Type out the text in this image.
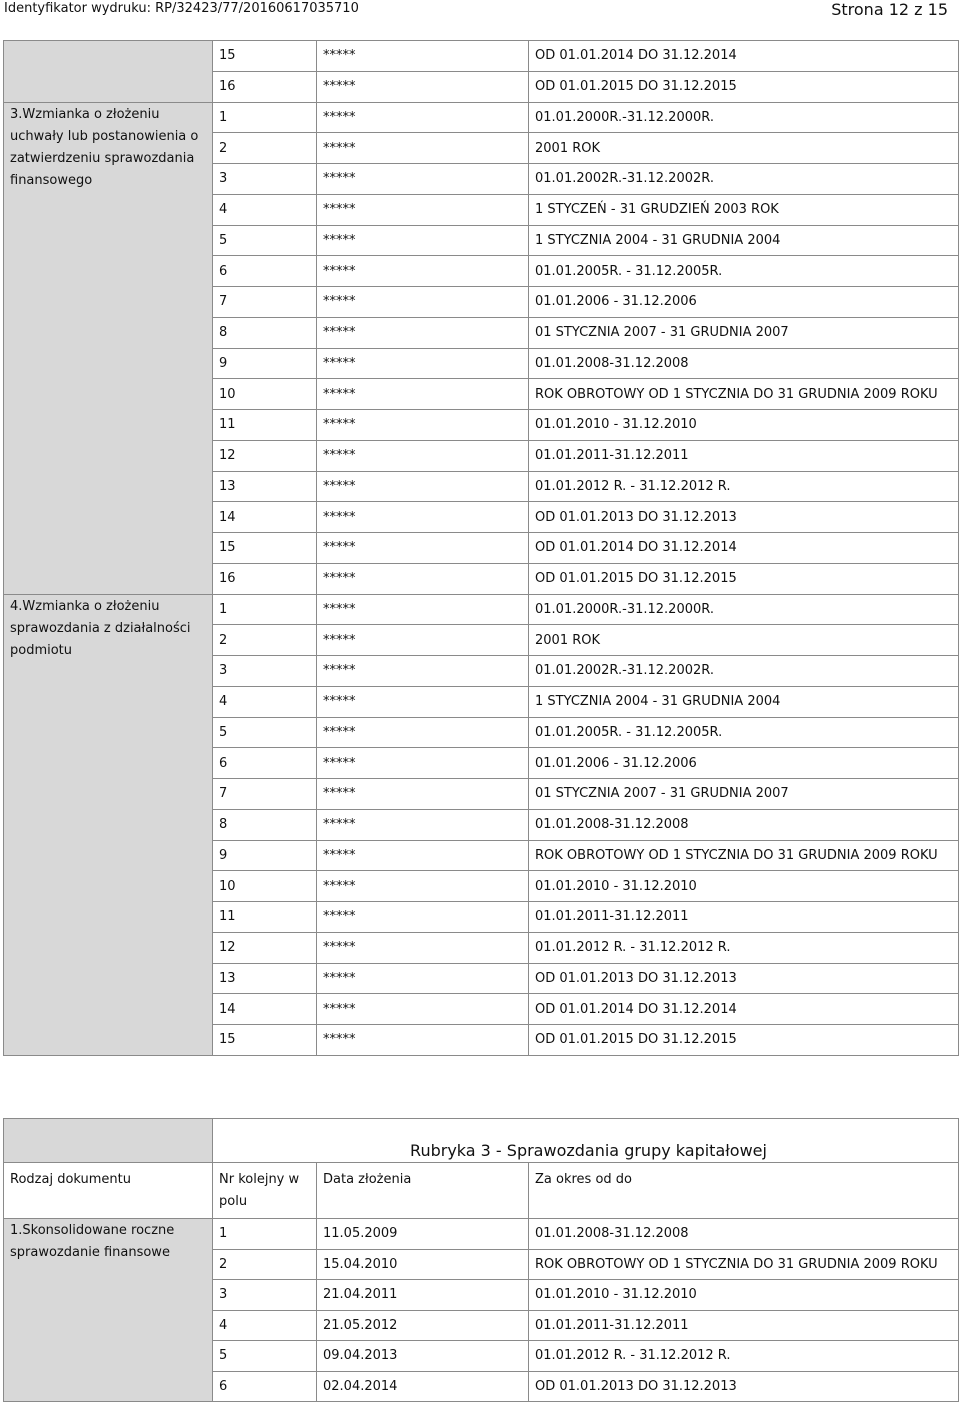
Identyfikator wydruku: RP/32423/77/20160617035710	Strona 12 z 15
	15	*****	OD 01.01.2014 DO 31.12.2014
	16	*****	OD 01.01.2015 DO 31.12.2015
3.Wzmianka o złożeniu uchwały lub postanowienia o zatwierdzeniu sprawozdania finansowego	1	*****	01.01.2000R.-31.12.2000R.
	2	*****	2001 ROK
	3	*****	01.01.2002R.-31.12.2002R.
	4	*****	1 STYCZEŃ - 31 GRUDZIEŃ 2003 ROK
	5	*****	1 STYCZNIA 2004 - 31 GRUDNIA 2004
	6	*****	01.01.2005R. - 31.12.2005R.
	7	*****	01.01.2006 - 31.12.2006
	8	*****	01 STYCZNIA 2007 - 31 GRUDNIA 2007
	9	*****	01.01.2008-31.12.2008
	10	*****	ROK OBROTOWY OD 1 STYCZNIA DO 31 GRUDNIA 2009 ROKU
	11	*****	01.01.2010 - 31.12.2010
	12	*****	01.01.2011-31.12.2011
	13	*****	01.01.2012 R. - 31.12.2012 R.
	14	*****	OD 01.01.2013 DO 31.12.2013
	15	*****	OD 01.01.2014 DO 31.12.2014
	16	*****	OD 01.01.2015 DO 31.12.2015
4.Wzmianka o złożeniu sprawozdania z działalności podmiotu	1	*****	01.01.2000R.-31.12.2000R.
	2	*****	2001 ROK
	3	*****	01.01.2002R.-31.12.2002R.
	4	*****	1 STYCZNIA 2004 - 31 GRUDNIA 2004
	5	*****	01.01.2005R. - 31.12.2005R.
	6	*****	01.01.2006 - 31.12.2006
	7	*****	01 STYCZNIA 2007 - 31 GRUDNIA 2007
	8	*****	01.01.2008-31.12.2008
	9	*****	ROK OBROTOWY OD 1 STYCZNIA DO 31 GRUDNIA 2009 ROKU
	10	*****	01.01.2010 - 31.12.2010
	11	*****	01.01.2011-31.12.2011
	12	*****	01.01.2012 R. - 31.12.2012 R.
	13	*****	OD 01.01.2013 DO 31.12.2013
	14	*****	OD 01.01.2014 DO 31.12.2014
	15	*****	OD 01.01.2015 DO 31.12.2015
	Rubryka 3 - Sprawozdania grupy kapitałowej		
Rodzaj dokumentu	Nr kolejny w polu	Data złożenia	Za okres od do
1.Skonsolidowane roczne sprawozdanie finansowe	1	11.05.2009	01.01.2008-31.12.2008
	2	15.04.2010	ROK OBROTOWY OD 1 STYCZNIA DO 31 GRUDNIA 2009 ROKU
	3	21.04.2011	01.01.2010 - 31.12.2010
	4	21.05.2012	01.01.2011-31.12.2011
	5	09.04.2013	01.01.2012 R. - 31.12.2012 R.
	6	02.04.2014	OD 01.01.2013 DO 31.12.2013
